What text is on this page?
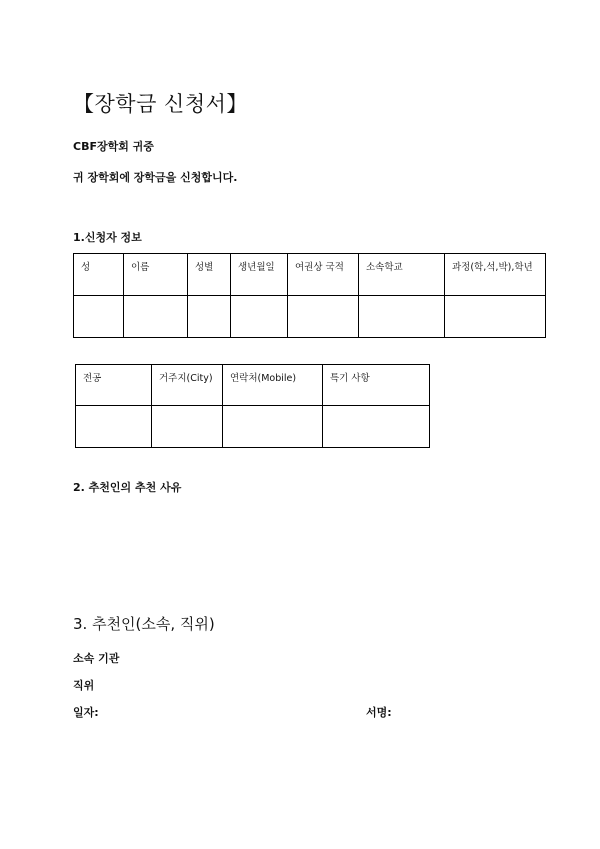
【장학금 신청서】
CBF장학회 귀중
귀 장학회에 장학금을 신청합니다.
1.신청자 정보
성	이름	성별	생년월일	여권상 국적	소속학교	과정(학,석,박),학년

전공	거주지(City)	연락처(Mobile)	특기 사항

2. 추천인의 추천 사유
3. 추천인(소속, 직위)
소속 기관
직위
일자:	서명:
